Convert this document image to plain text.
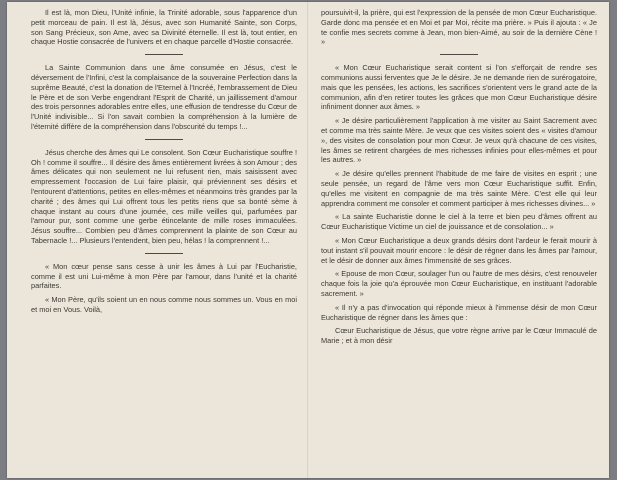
Il est là, mon Dieu, l'Unité infinie, la Trinité adorable, sous l'apparence d'un petit morceau de pain. Il est là, Jésus, avec son Humanité Sainte, son Corps, son Sang Précieux, son Ame, avec sa Divinité éternelle. Il est là, tout entier, en chaque Hostie consacrée de l'univers et en chaque parcelle d'Hostie consacrée.

La Sainte Communion dans une âme consumée en Jésus, c'est le déversement de l'Infini, c'est la complaisance de la souveraine Perfection dans la suprême Beauté, c'est la donation de l'Eternel à l'Incréé, l'embrassement de Dieu le Père et de son Verbe engendrant l'Esprit de Charité, un jaillissement d'amour des trois personnes adorables entre elles, une effusion de tendresse du Cœur de l'Unité indivisible... Si l'on savait combien la compréhension à la lumière de l'éternité diffère de la compréhension dans l'obscurité du temps !...

Jésus cherche des âmes qui Le consolent. Son Cœur Eucharistique souffre ! Oh ! comme il souffre... Il désire des âmes entièrement livrées à son Amour ; des âmes délicates qui non seulement ne lui refusent rien, mais saisissent avec empressement l'occasion de Lui faire plaisir, qui préviennent ses désirs et l'entourent d'attentions, petites en elles-mêmes et néanmoins très grandes par la charité ; des âmes qui Lui offrent tous les petits riens que sa bonté sème à chaque instant au cours d'une journée, ces mille veilles qui, parfumées par l'amour pur, sont comme une gerbe étincelante de mille roses immaculées. Jésus souffre... Combien peu d'âmes comprennent la plainte de son Cœur au Tabernacle !... Plusieurs l'entendent, bien peu, hélas ! la comprennent !...

« Mon cœur pense sans cesse à unir les âmes à Lui par l'Eucharistie, comme il est uni Lui-même à mon Père par l'amour, dans l'unité et la charité parfaites.

« Mon Père, qu'ils soient un en nous comme nous sommes un. Vous en moi et moi en Vous. Voilà,

poursuivit-il, la prière, qui est l'expression de la pensée de mon Cœur Eucharistique. Garde donc ma pensée et en Moi et par Moi, récite ma prière. » Puis il ajouta : « Je te confie mes secrets comme à Jean, mon bien-Aimé, au soir de la dernière Cène ! »

« Mon Cœur Eucharistique serait content si l'on s'efforçait de rendre ses communions aussi ferventes que Je le désire. Je ne demande rien de surérogatoire, mais que les pensées, les actions, les sacrifices s'orientent vers le grand acte de la communion, afin d'en retirer toutes les grâces que mon Cœur Eucharistique désire infiniment donner aux âmes. »

« Je désire particulièrement l'application à me visiter au Saint Sacrement avec et comme ma très sainte Mère. Je veux que ces visites soient des « visites d'amour », des visites de consolation pour mon Cœur. Je veux qu'à chacune de ces visites, les âmes se retirent chargées de mes richesses infinies pour elles-mêmes et pour les autres. »

« Je désire qu'elles prennent l'habitude de me faire de visites en esprit ; une seule pensée, un regard de l'âme vers mon Cœur Eucharistique suffit. Enfin, qu'elles me visitent en compagnie de ma très sainte Mère. C'est elle qui leur apprendra comment me consoler et comment participer à mes richesses divines... »

« La sainte Eucharistie donne le ciel à la terre et bien peu d'âmes offrent au Cœur Eucharistique Victime un ciel de jouissance et de consolation... »

« Mon Cœur Eucharistique a deux grands désirs dont l'ardeur le ferait mourir à tout instant s'il pouvait mourir encore : le désir de régner dans les âmes par l'amour, et le désir de donner aux âmes l'immensité de ses grâces.

« Epouse de mon Cœur, soulager l'un ou l'autre de mes désirs, c'est renouveler chaque fois la joie qu'a éprouvée mon Cœur Eucharistique, en instituant l'adorable sacrement. »

« Il n'y a pas d'invocation qui réponde mieux à l'immense désir de mon Cœur Eucharistique de régner dans les âmes que :

Cœur Eucharistique de Jésus, que votre règne arrive par le Cœur Immaculé de Marie ; et à mon désir
